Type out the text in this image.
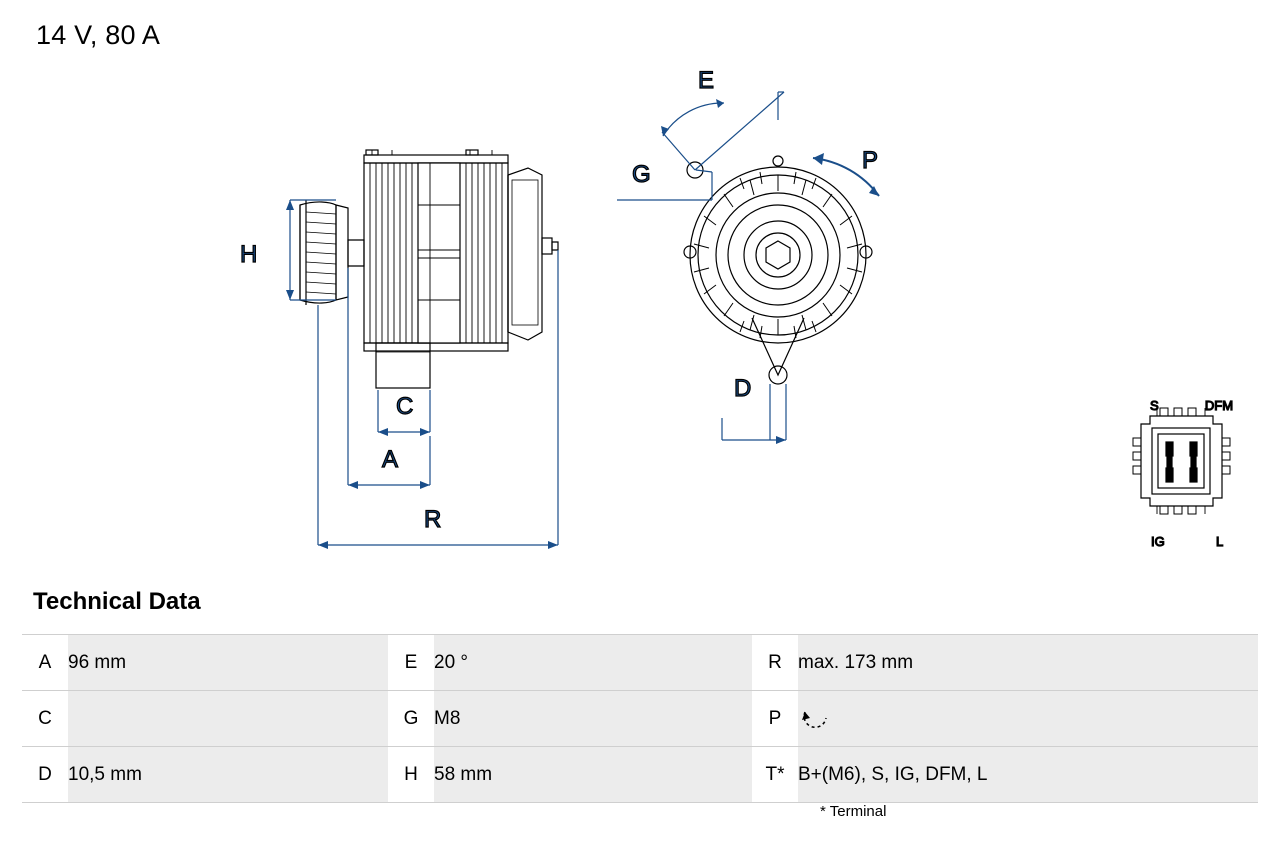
14 V, 80 A
H
C
A
R
G
E
P
D
S	DFM
IG	L
Technical Data
A	96 mm	E	20 °	R	max. 173 mm
C		G	M8	P	
D	10,5 mm	H	58 mm	T*	B+(M6), S, IG, DFM, L
* Terminal
